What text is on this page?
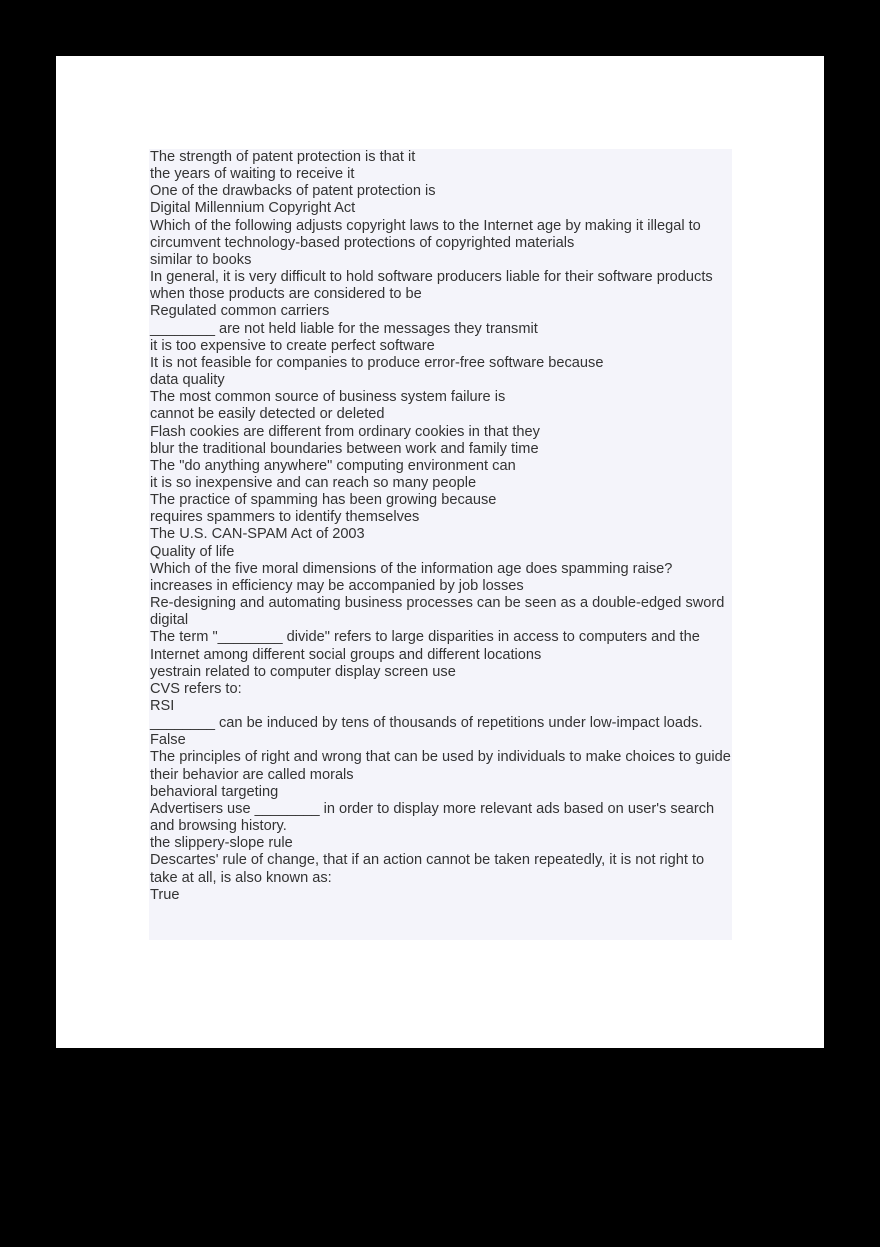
The strength of patent protection is that it
the years of waiting to receive it
One of the drawbacks of patent protection is
Digital Millennium Copyright Act
Which of the following adjusts copyright laws to the Internet age by making it illegal to circumvent technology-based protections of copyrighted materials
similar to books
In general, it is very difficult to hold software producers liable for their software products when those products are considered to be
Regulated common carriers
________ are not held liable for the messages they transmit
it is too expensive to create perfect software
It is not feasible for companies to produce error-free software because
data quality
The most common source of business system failure is
cannot be easily detected or deleted
Flash cookies are different from ordinary cookies in that they
blur the traditional boundaries between work and family time
The "do anything anywhere" computing environment can
it is so inexpensive and can reach so many people
The practice of spamming has been growing because
requires spammers to identify themselves
The U.S. CAN-SPAM Act of 2003
Quality of life
Which of the five moral dimensions of the information age does spamming raise?
increases in efficiency may be accompanied by job losses
Re-designing and automating business processes can be seen as a double-edged sword
digital
The term "________ divide" refers to large disparities in access to computers and the Internet among different social groups and different locations
yestrain related to computer display screen use
CVS refers to:
RSI
________ can be induced by tens of thousands of repetitions under low-impact loads.
False
The principles of right and wrong that can be used by individuals to make choices to guide their behavior are called morals
behavioral targeting
Advertisers use ________ in order to display more relevant ads based on user's search and browsing history.
the slippery-slope rule
Descartes' rule of change, that if an action cannot be taken repeatedly, it is not right to take at all, is also known as:
True
